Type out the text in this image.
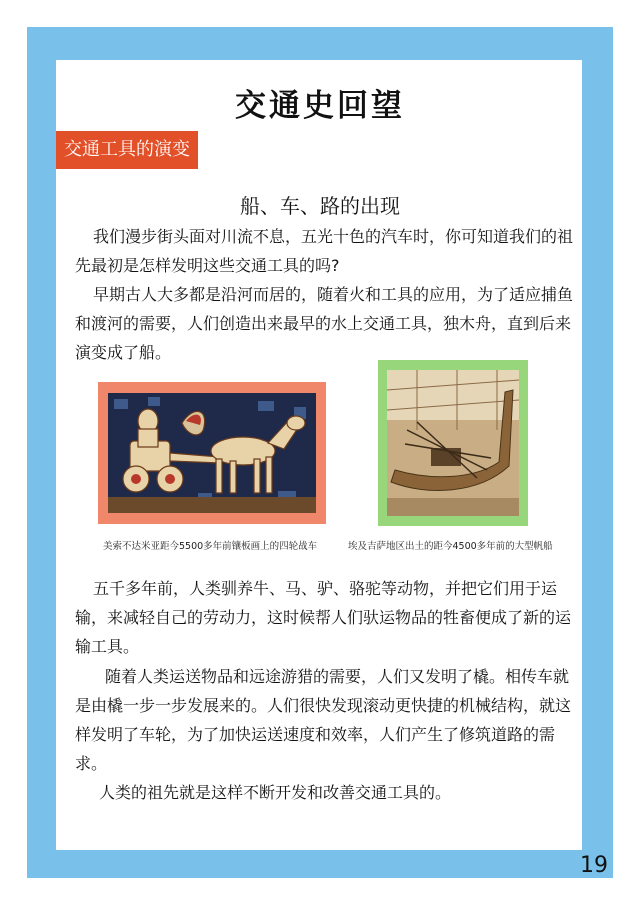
交通史回望
交通工具的演变
船、车、路的出现

我们漫步街头面对川流不息，五光十色的汽车时，你可知道我们的祖先最初是怎样发明这些交通工具的吗?

早期古人大多都是沿河而居的，随着火和工具的应用，为了适应捕鱼和渡河的需要，人们创造出来最早的水上交通工具，独木舟，直到后来演变成了船。

美索不达米亚距今5500多年前镶板画上的四轮战车	埃及吉萨地区出土的距今4500多年前的大型帆船

五千多年前，人类驯养牛、马、驴、骆驼等动物，并把它们用于运输，来减轻自己的劳动力，这时候帮人们驮运物品的牲畜便成了新的运输工具。

随着人类运送物品和远途游猎的需要，人们又发明了橇。相传车就是由橇一步一步发展来的。人们很快发现滚动更快捷的机械结构，就这样发明了车轮，为了加快运送速度和效率，人们产生了修筑道路的需求。

人类的祖先就是这样不断开发和改善交通工具的。

19
